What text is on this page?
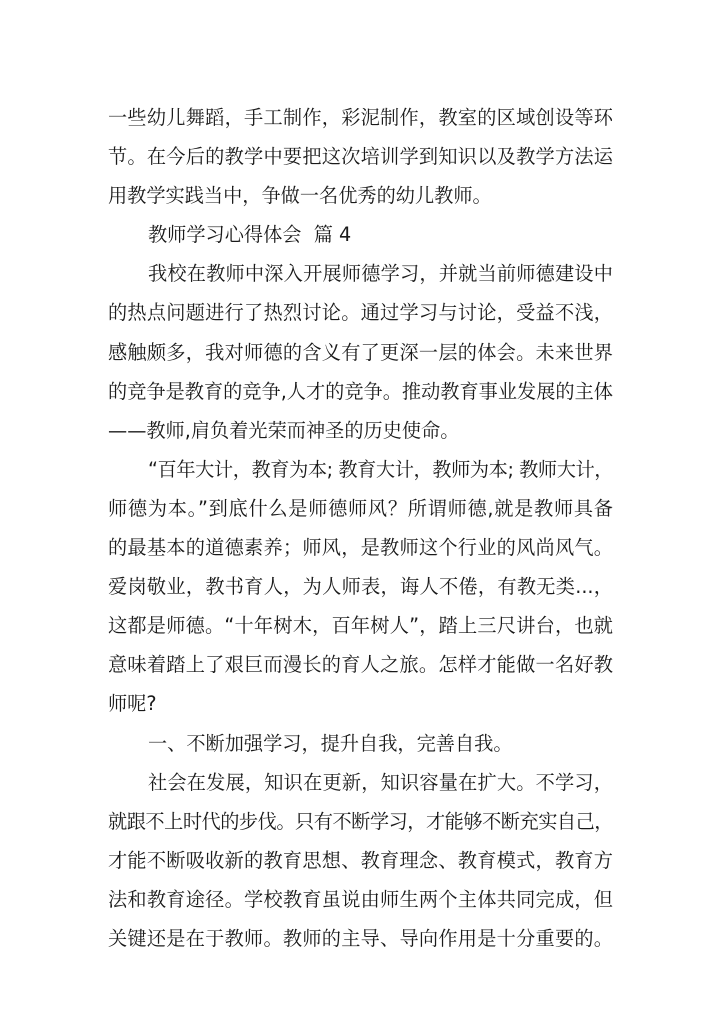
一些幼儿舞蹈，手工制作，彩泥制作，教室的区域创设等环
节。在今后的教学中要把这次培训学到知识以及教学方法运
用教学实践当中，争做一名优秀的幼儿教师。
教师学习心得体会  篇 4
我校在教师中深入开展师德学习，并就当前师德建设中
的热点问题进行了热烈讨论。通过学习与讨论，受益不浅，
感触颇多，我对师德的含义有了更深一层的体会。未来世界
的竞争是教育的竞争,人才的竞争。推动教育事业发展的主体
——教师,肩负着光荣而神圣的历史使命。
“百年大计，教育为本; 教育大计，教师为本; 教师大计，
师德为本。”到底什么是师德师风？所谓师德,就是教师具备
的最基本的道德素养；师风，是教师这个行业的风尚风气。
爱岗敬业，教书育人，为人师表，诲人不倦，有教无类...，
这都是师德。“十年树木，百年树人”，踏上三尺讲台，也就
意味着踏上了艰巨而漫长的育人之旅。怎样才能做一名好教
师呢?
一、不断加强学习，提升自我，完善自我。
社会在发展，知识在更新，知识容量在扩大。不学习，
就跟不上时代的步伐。只有不断学习，才能够不断充实自己，
才能不断吸收新的教育思想、教育理念、教育模式，教育方
法和教育途径。学校教育虽说由师生两个主体共同完成，但
关键还是在于教师。教师的主导、导向作用是十分重要的。
